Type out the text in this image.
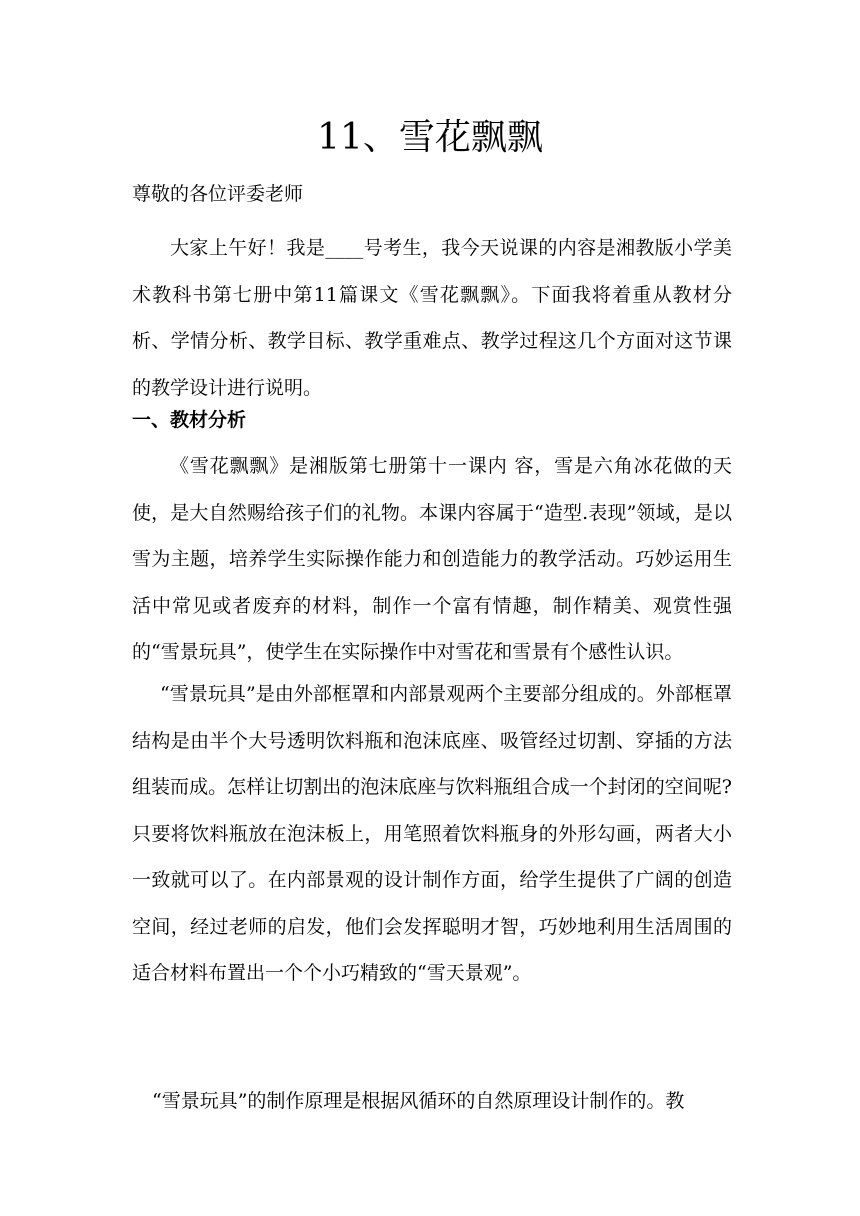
11、雪花飘飘
尊敬的各位评委老师

大家上午好！我是____号考生，我今天说课的内容是湘教版小学美术教科书第七册中第11篇课文《雪花飘飘》。下面我将着重从教材分析、学情分析、教学目标、教学重难点、教学过程这几个方面对这节课的教学设计进行说明。

一、教材分析

《雪花飘飘》是湘版第七册第十一课内 容，雪是六角冰花做的天使，是大自然赐给孩子们的礼物。本课内容属于“造型.表现”领域，是以雪为主题，培养学生实际操作能力和创造能力的教学活动。巧妙运用生 活中常见或者废弃的材料，制作一个富有情趣，制作精美、观赏性强的“雪景玩具”，使学生在实际操作中对雪花和雪景有个感性认识。

“雪景玩具”是由外部框罩和内部景观两个主要部分组成的。外部框罩结构是由半个大号透明饮料瓶和泡沫底座、吸管经过切割、穿插的方法组装而成。怎样让切割出的泡沫底座与饮料瓶组合成一个封闭的空间呢?只要将饮料瓶放在泡沫板上，用笔照着饮料瓶身的外形勾画，两者大小一致就可以了。在内部景观的设计制作方面，给学生提供了广阔的创造空间，经过老师的启发，他们会发挥聪明才智，巧妙地利用生活周围的适合材料布置出一个个小巧精致的“雪天景观”。

“雪景玩具”的制作原理是根据风循环的自然原理设计制作的。教
